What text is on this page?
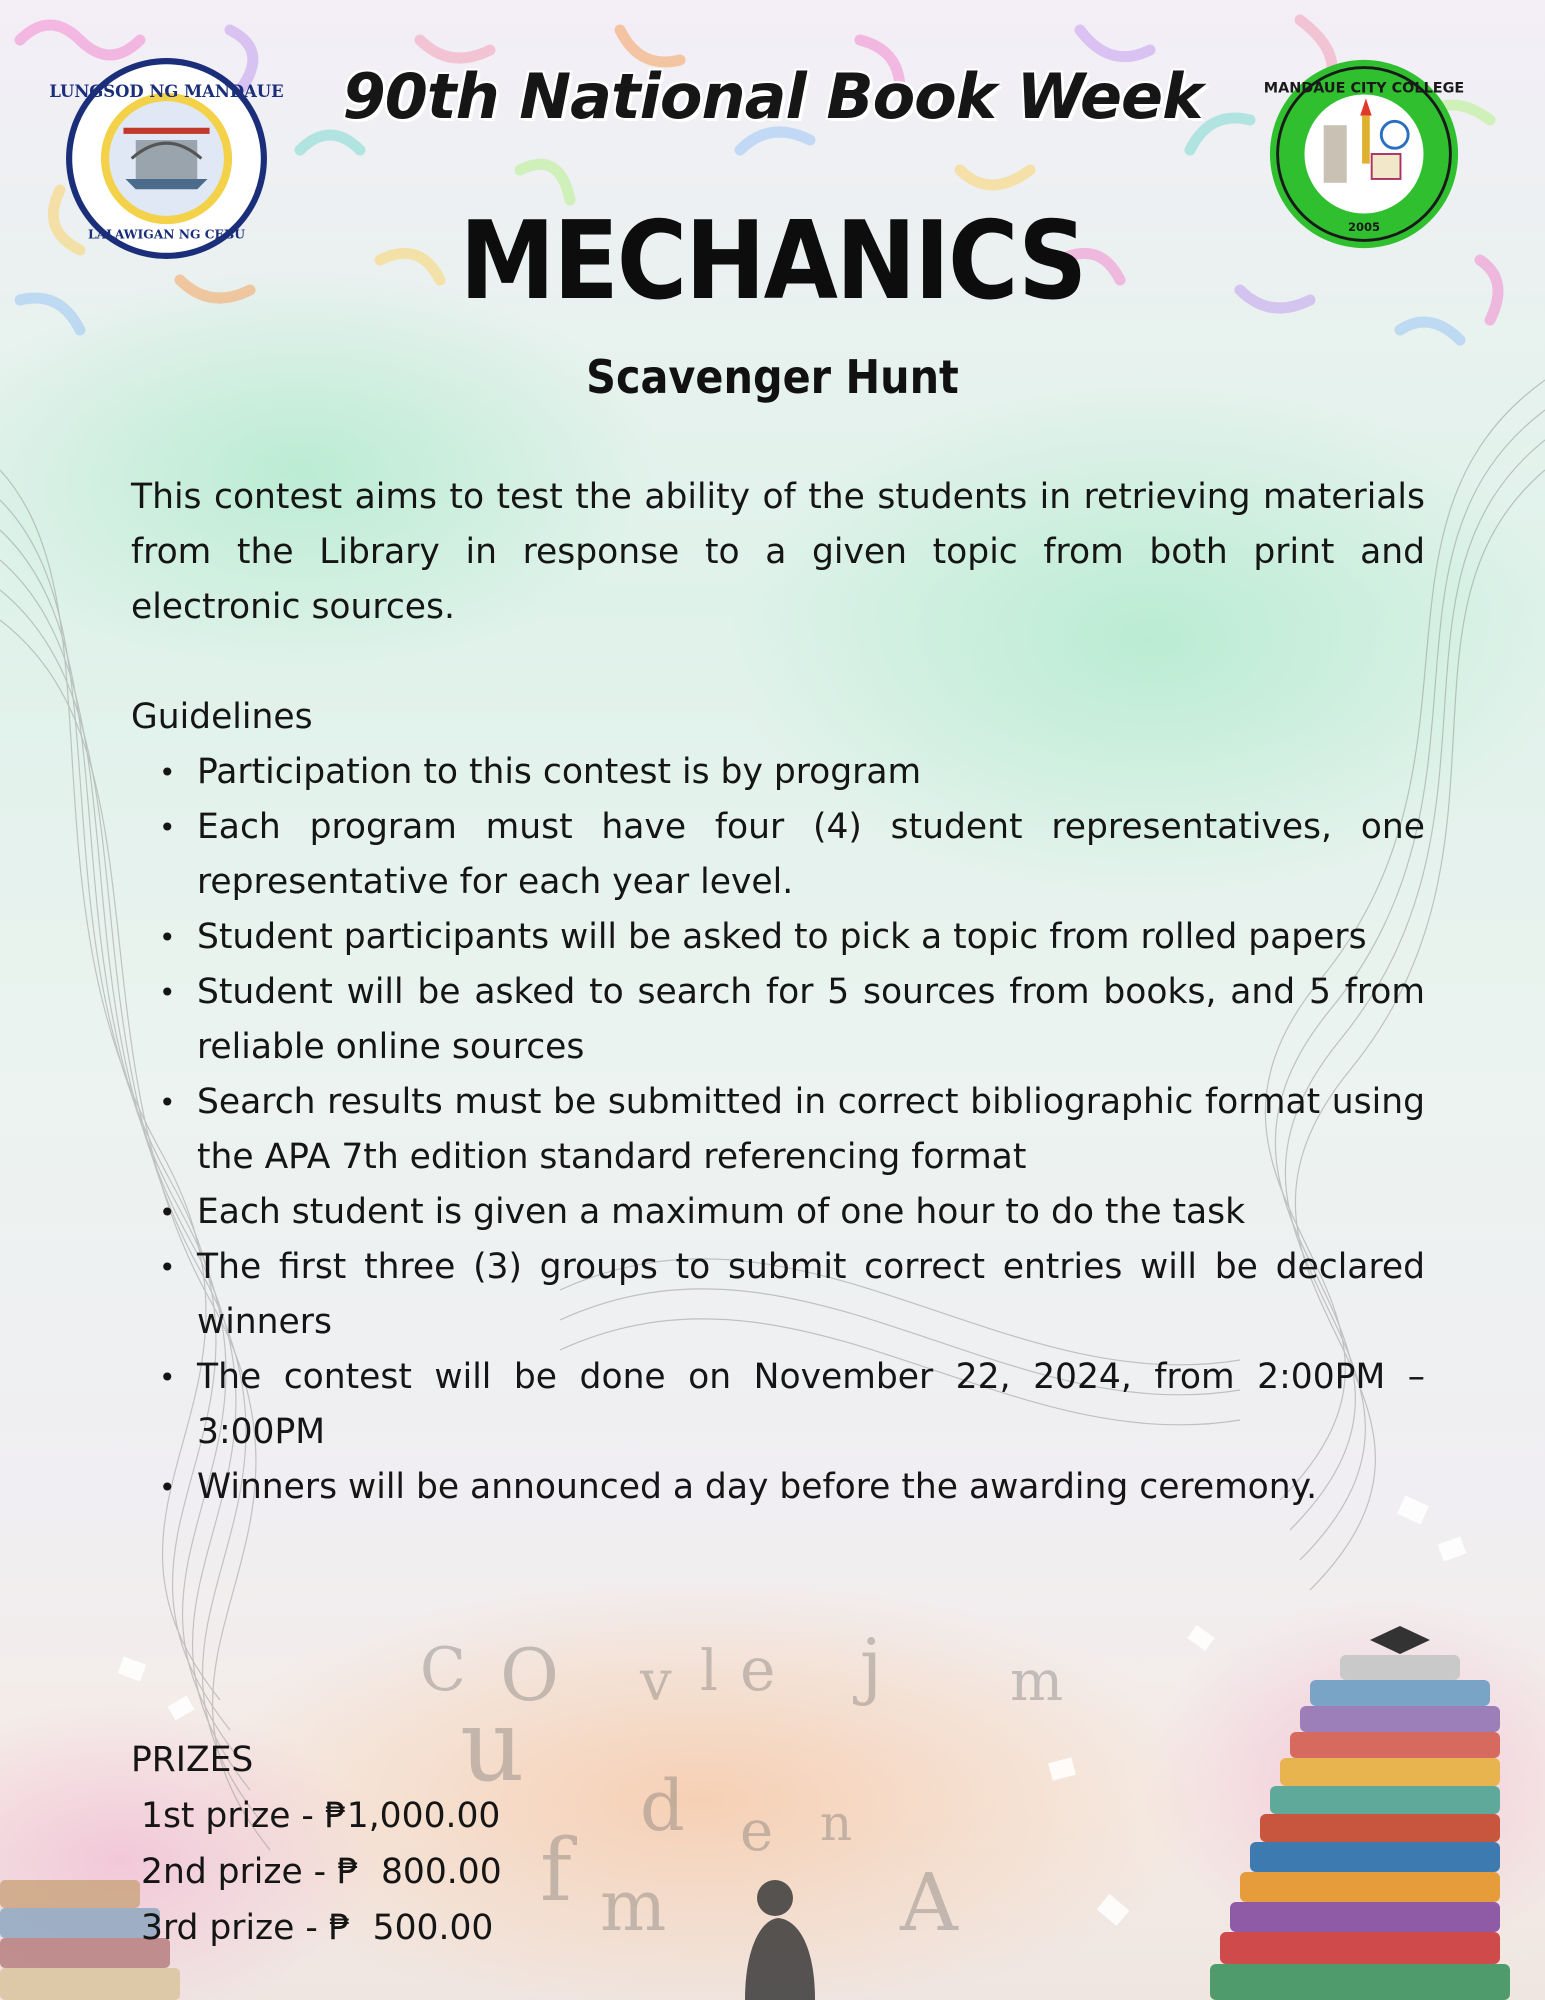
C O v l e j m
u
d e n
f m	A
LUNGSOD NG MANDAUE
LALAWIGAN NG CEBU
MANDAUE CITY COLLEGE
2005
90th National Book Week
MECHANICS
Scavenger Hunt

This contest aims to test the ability of the students in retrieving materials from the Library in response to a given topic from both print and electronic sources.

Guidelines

• Participation to this contest is by program
• Each program must have four (4) student representatives, one representative for each year level.
• Student participants will be asked to pick a topic from rolled papers
• Student will be asked to search for 5 sources from books, and 5 from reliable online sources
• Search results must be submitted in correct bibliographic format using the APA 7th edition standard referencing format
• Each student is given a maximum of one hour to do the task
• The first three (3) groups to submit correct entries will be declared winners
• The contest will be done on November 22, 2024, from 2:00PM – 3:00PM
• Winners will be announced a day before the awarding ceremony.

PRIZES

1st prize - ₱1,000.00

2nd prize - ₱  800.00

3rd prize - ₱  500.00
